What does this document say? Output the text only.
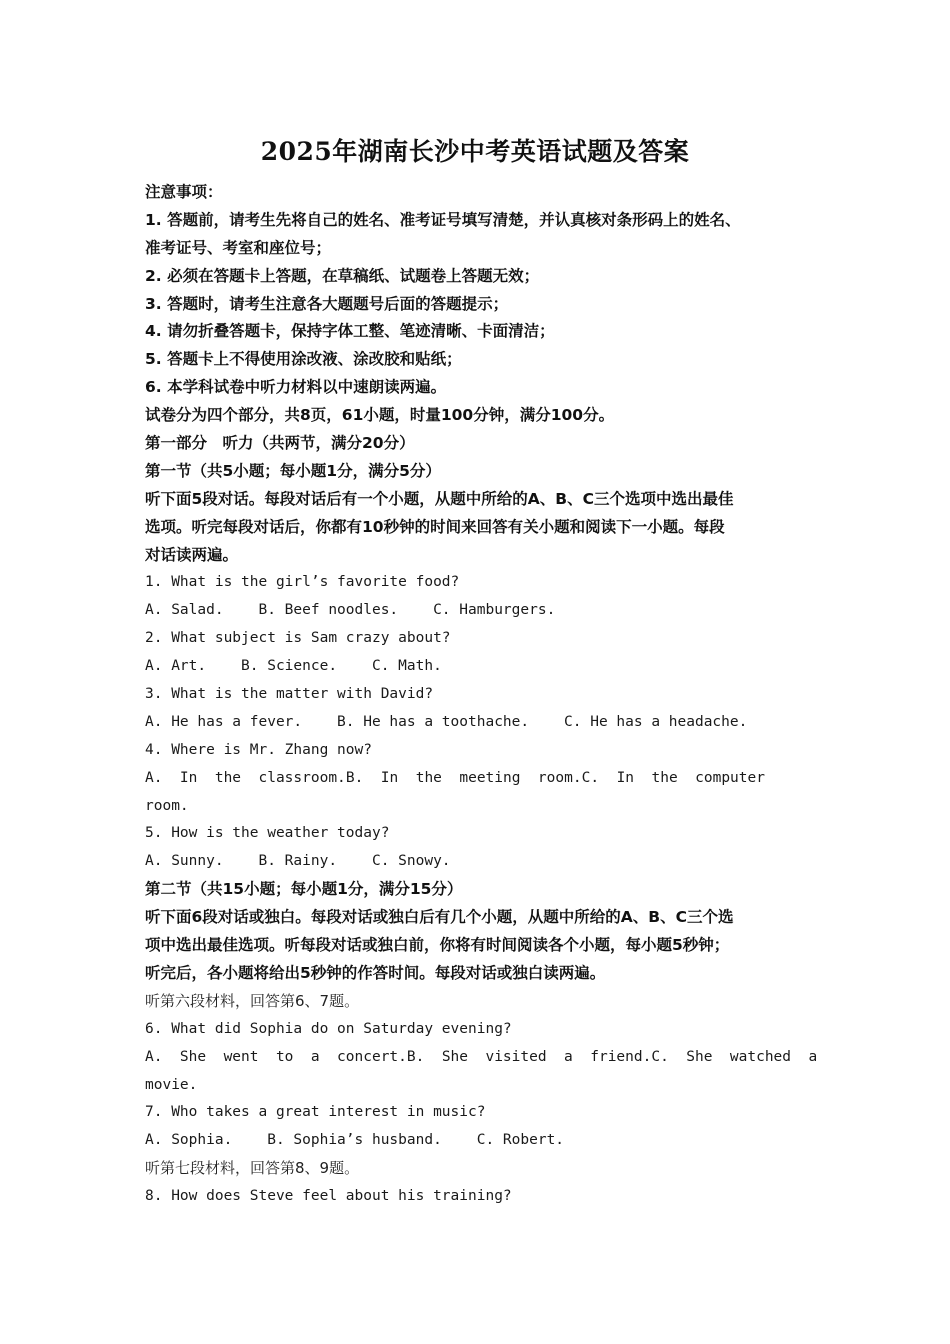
2025年湖南长沙中考英语试题及答案
注意事项：
1. 答题前，请考生先将自己的姓名、准考证号填写清楚，并认真核对条形码上的姓名、
准考证号、考室和座位号；
2. 必须在答题卡上答题，在草稿纸、试题卷上答题无效；
3. 答题时，请考生注意各大题题号后面的答题提示；
4. 请勿折叠答题卡，保持字体工整、笔迹清晰、卡面清洁；
5. 答题卡上不得使用涂改液、涂改胶和贴纸；
6. 本学科试卷中听力材料以中速朗读两遍。
试卷分为四个部分，共8页，61小题，时量100分钟，满分100分。
第一部分　听力（共两节，满分20分）
第一节（共5小题；每小题1分，满分5分）
听下面5段对话。每段对话后有一个小题，从题中所给的A、B、C三个选项中选出最佳
选项。听完每段对话后，你都有10秒钟的时间来回答有关小题和阅读下一小题。每段
对话读两遍。
1. What is the girl’s favorite food?
A. Salad.    B. Beef noodles.    C. Hamburgers.
2. What subject is Sam crazy about?
A. Art.    B. Science.    C. Math.
3. What is the matter with David?
A. He has a fever.    B. He has a toothache.    C. He has a headache.
4. Where is Mr. Zhang now?
A.  In  the  classroom. B.  In  the  meeting  room. C.  In  the  computer
room.
5. How is the weather today?
A. Sunny.    B. Rainy.    C. Snowy.
第二节（共15小题；每小题1分，满分15分）
听下面6段对话或独白。每段对话或独白后有几个小题，从题中所给的A、B、C三个选
项中选出最佳选项。听每段对话或独白前，你将有时间阅读各个小题，每小题5秒钟；
听完后，各小题将给出5秒钟的作答时间。每段对话或独白读两遍。
听第六段材料，回答第6、7题。
6. What did Sophia do on Saturday evening?
A.  She  went  to  a  concert. B.  She  visited  a  friend. C.  She  watched  a
movie.
7. Who takes a great interest in music?
A. Sophia.    B. Sophia’s husband.    C. Robert.
听第七段材料，回答第8、9题。
8. How does Steve feel about his training?
